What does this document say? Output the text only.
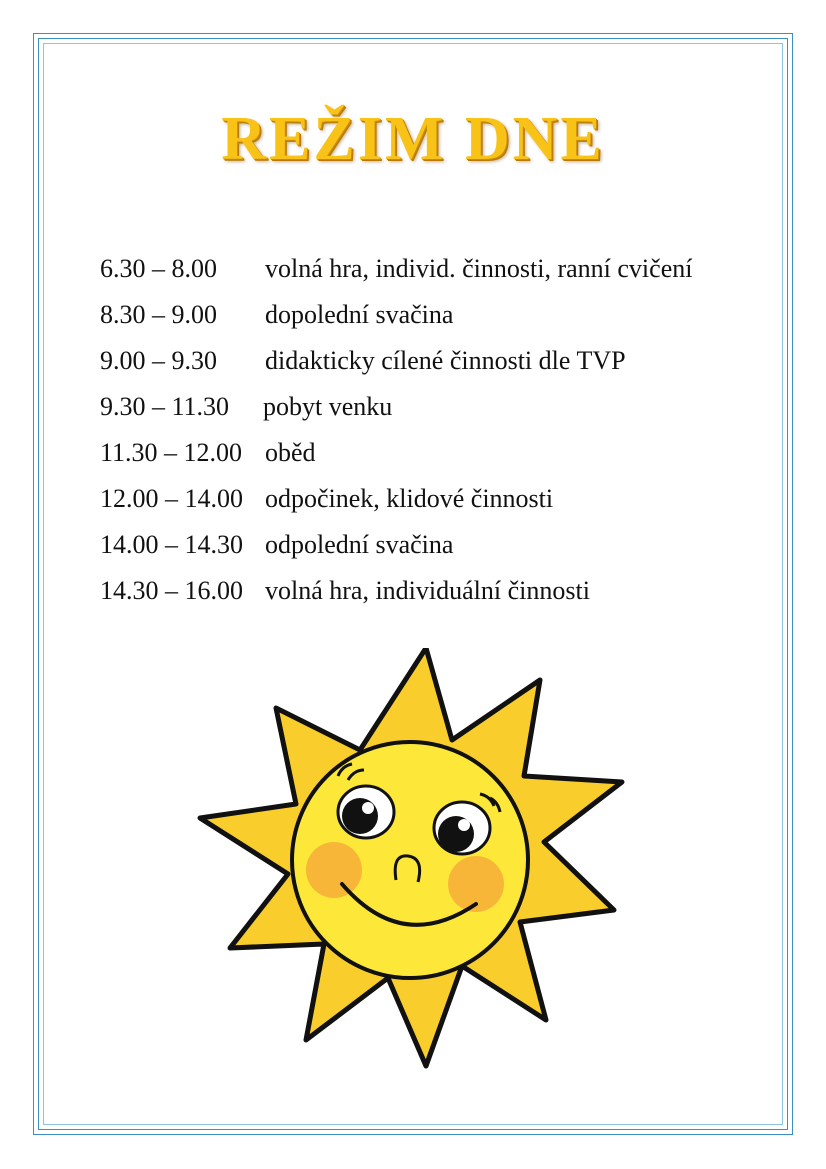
REŽIM DNE
6.30 – 8.00 volná hra, individ. činnosti, ranní cvičení
8.30 – 9.00 dopolední svačina
9.00 – 9.30 didakticky cílené činnosti dle TVP
9.30 – 11.30 pobyt venku
11.30 – 12.00 oběd
12.00 – 14.00 odpočinek, klidové činnosti
14.00 – 14.30 odpolední svačina
14.30 – 16.00 volná hra, individuální činnosti
